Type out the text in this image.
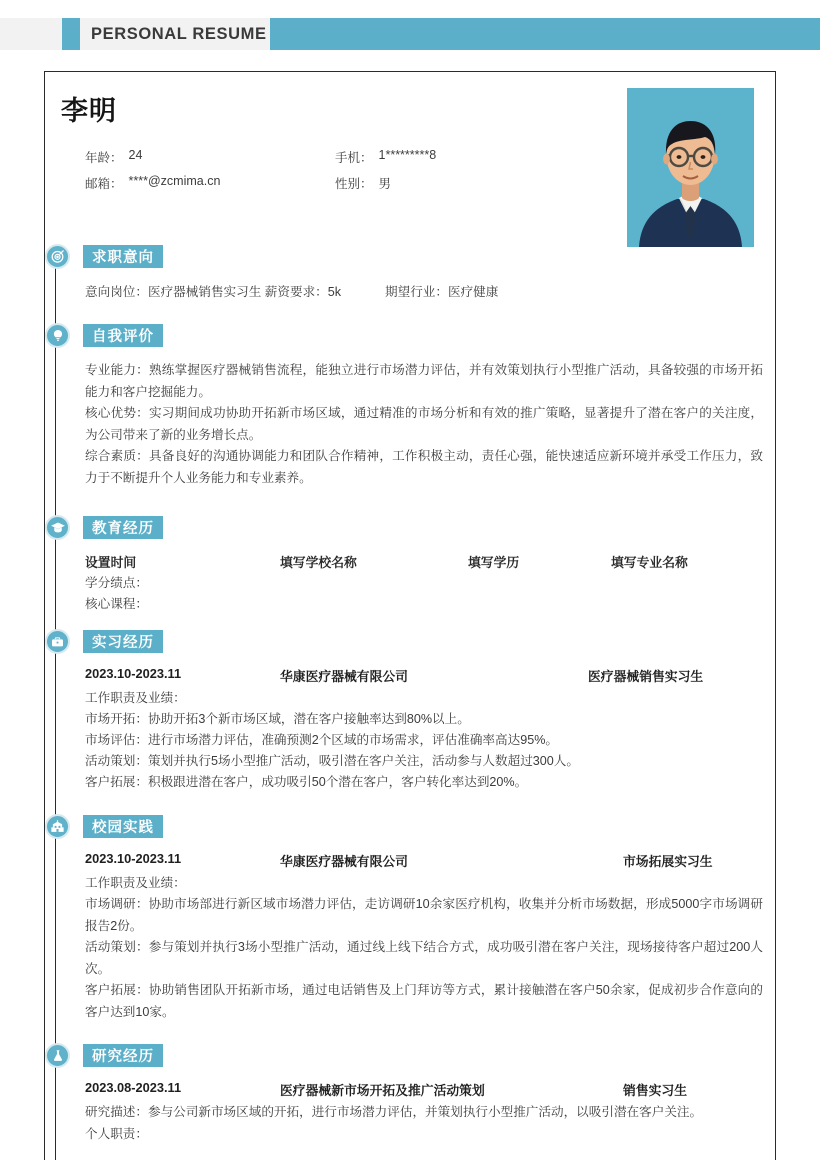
PERSONAL RESUME
李明
年龄： 24	手机： 1*********8
邮箱： ****@zcmima.cn	性别： 男
求职意向
意向岗位：医疗器械销售实习生 薪资要求：5k	期望行业：医疗健康
自我评价
专业能力：熟练掌握医疗器械销售流程，能独立进行市场潜力评估，并有效策划执行小型推广活动，具备较强的市场开拓能力和客户挖掘能力。
核心优势：实习期间成功协助开拓新市场区域，通过精准的市场分析和有效的推广策略，显著提升了潜在客户的关注度，为公司带来了新的业务增长点。
综合素质：具备良好的沟通协调能力和团队合作精神，工作积极主动，责任心强，能快速适应新环境并承受工作压力，致力于不断提升个人业务能力和专业素养。
教育经历
设置时间	填写学校名称	填写学历	填写专业名称
学分绩点：
核心课程：
实习经历
2023.10-2023.11	华康医疗器械有限公司	医疗器械销售实习生
工作职责及业绩：
市场开拓：协助开拓3个新市场区域，潜在客户接触率达到80%以上。
市场评估：进行市场潜力评估，准确预测2个区域的市场需求，评估准确率高达95%。
活动策划：策划并执行5场小型推广活动，吸引潜在客户关注，活动参与人数超过300人。
客户拓展：积极跟进潜在客户，成功吸引50个潜在客户，客户转化率达到20%。
校园实践
2023.10-2023.11	华康医疗器械有限公司	市场拓展实习生
工作职责及业绩：
市场调研：协助市场部进行新区域市场潜力评估，走访调研10余家医疗机构，收集并分析市场数据，形成5000字市场调研报告2份。
活动策划：参与策划并执行3场小型推广活动，通过线上线下结合方式，成功吸引潜在客户关注，现场接待客户超过200人次。
客户拓展：协助销售团队开拓新市场，通过电话销售及上门拜访等方式，累计接触潜在客户50余家，促成初步合作意向的客户达到10家。
研究经历
2023.08-2023.11	医疗器械新市场开拓及推广活动策划	销售实习生
研究描述：参与公司新市场区域的开拓，进行市场潜力评估，并策划执行小型推广活动，以吸引潜在客户关注。
个人职责：
